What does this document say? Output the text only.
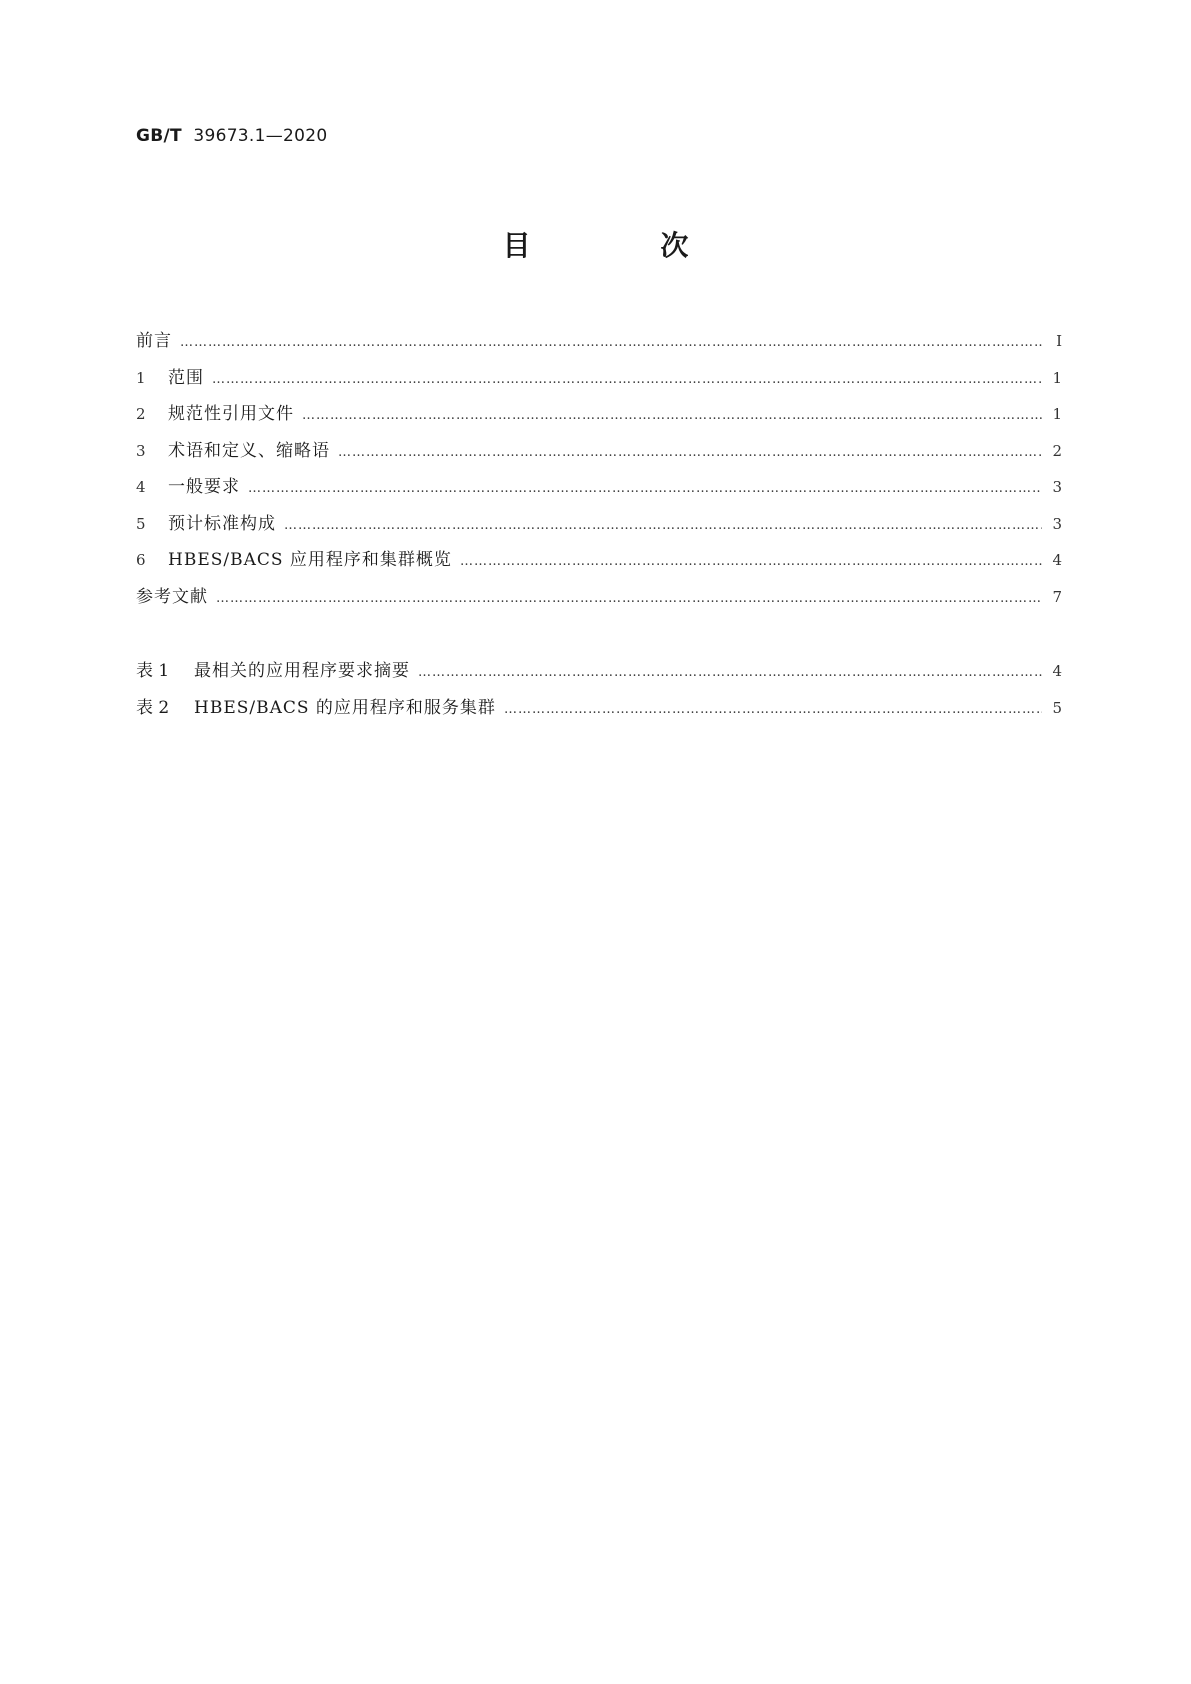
GB/T 39673.1—2020
目 次
前言 ……………………………………………………………………………………………………………………………………………………………………………………………………………	Ⅰ
1	范围 ……………………………………………………………………………………………………………………………………………………………………………………………………………	1
2	规范性引用文件 ……………………………………………………………………………………………………………………………………………………………………………………………………………	1
3	术语和定义、缩略语 ……………………………………………………………………………………………………………………………………………………………………………………………………………	2
4	一般要求 ……………………………………………………………………………………………………………………………………………………………………………………………………………	3
5	预计标准构成 ……………………………………………………………………………………………………………………………………………………………………………………………………………	3
6	HBES/BACS 应用程序和集群概览 ……………………………………………………………………………………………………………………………………………………………………………………………………………	4
参考文献 ……………………………………………………………………………………………………………………………………………………………………………………………………………	7
表 1	最相关的应用程序要求摘要 ……………………………………………………………………………………………………………………………………………………………………………………………………………	4
表 2	HBES/BACS 的应用程序和服务集群 ……………………………………………………………………………………………………………………………………………………………………………………………………………	5
